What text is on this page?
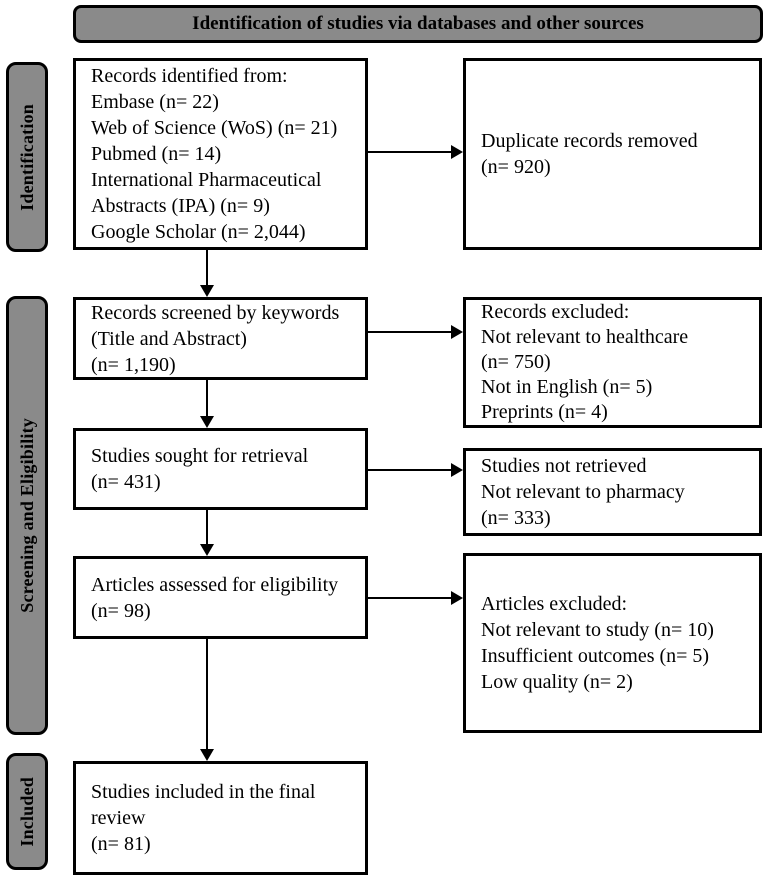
Identification of studies via databases and other sources
Identification
Screening and Eligibility
Included
Records identified from:
Embase (n= 22)
Web of Science (WoS) (n= 21)
Pubmed (n= 14)
International Pharmaceutical
Abstracts (IPA) (n= 9)
Google Scholar (n= 2,044)
Records screened by keywords
(Title and Abstract)
(n= 1,190)
Studies sought for retrieval
(n= 431)
Articles assessed for eligibility
(n= 98)
Studies included in the final
review
(n= 81)
Duplicate records removed
(n= 920)
Records excluded:
Not relevant to healthcare
(n= 750)
Not in English (n= 5)
Preprints (n= 4)
Studies not retrieved
Not relevant to pharmacy
(n= 333)
Articles excluded:
Not relevant to study (n= 10)
Insufficient outcomes (n= 5)
Low quality (n= 2)
